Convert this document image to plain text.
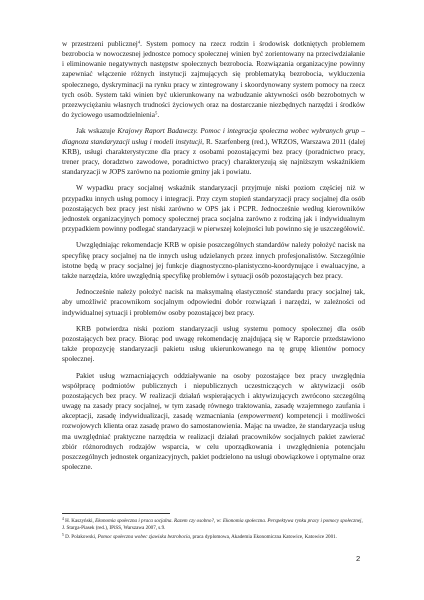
w przestrzeni publicznej$^4$. System pomocy na rzecz rodzin i środowisk dotkniętych problemem bezrobocia w nowoczesnej jednostce pomocy społecznej winien być zorientowany na przeciwdziałanie i eliminowanie negatywnych następstw społecznych bezrobocia. Rozwiązania organizacyjne powinny zapewniać włączenie różnych instytucji zajmujących się problematyką bezrobocia, wykluczenia społecznego, dyskryminacji na rynku pracy w zintegrowany i skoordynowany system pomocy na rzecz tych osób. System taki winien być ukierunkowany na wzbudzanie aktywności osób bezrobotnych w przezwyciężaniu własnych trudności życiowych oraz na dostarczanie niezbędnych narzędzi i środków do życiowego usamodzielnienia$^5$.

Jak wskazuje Krajowy Raport Badawczy. Pomoc i integracja społeczna wobec wybranych grup – diagnoza standaryzacji usług i modeli instytucji, R. Szarfenberg (red.), WRZOS, Warszawa 2011 (dalej KRB), usługi charakterystyczne dla pracy z osobami pozostającymi bez pracy (poradnictwo pracy, trener pracy, doradztwo zawodowe, poradnictwo pracy) charakteryzują się najniższym wskaźnikiem standaryzacji w JOPS zarówno na poziomie gminy jak i powiatu.

W wypadku pracy socjalnej wskaźnik standaryzacji przyjmuje niski poziom częściej niż w przypadku innych usług pomocy i integracji. Przy czym stopień standaryzacji pracy socjalnej dla osób pozostających bez pracy jest niski zarówno w OPS jak i PCPR. Jednocześnie według kierowników jednostek organizacyjnych pomocy społecznej praca socjalna zarówno z rodziną jak i indywidualnym przypadkiem powinny podlegać standaryzacji w pierwszej kolejności lub powinno się je uszczegółowić.

Uwzględniając rekomendacje KRB w opisie poszczególnych standardów należy położyć nacisk na specyfikę pracy socjalnej na tle innych usług udzielanych przez innych profesjonalistów. Szczególnie istotne będą w pracy socjalnej jej funkcje diagnostyczno-planistyczno-koordynujące i ewaluacyjne, a także narzędzia, które uwzględnią specyfikę problemów i sytuacji osób pozostających bez pracy.

Jednocześnie należy położyć nacisk na maksymalną elastyczność standardu pracy socjalnej tak, aby umożliwić pracownikom socjalnym odpowiedni dobór rozwiązań i narzędzi, w zależności od indywidualnej sytuacji i problemów osoby pozostającej bez pracy.

KRB potwierdza niski poziom standaryzacji usług systemu pomocy społecznej dla osób pozostających bez pracy. Biorąc pod uwagę rekomendację znajdującą się w Raporcie przedstawiono także propozycję standaryzacji pakietu usług ukierunkowanego na tę grupę klientów pomocy społecznej.

Pakiet usług wzmacniających oddziaływanie na osoby pozostające bez pracy uwzględnia współpracę podmiotów publicznych i niepublicznych uczestniczących w aktywizacji osób pozostających bez pracy. W realizacji działań wspierających i aktywizujących zwrócono szczególną uwagę na zasady pracy socjalnej, w tym zasadę równego traktowania, zasadę wzajemnego zaufania i akceptacji, zasadę indywidualizacji, zasadę wzmacniania (empowerment) kompetencji i możliwości rozwojowych klienta oraz zasadę prawo do samostanowienia. Mając na uwadze, że standaryzacja usług ma uwzględniać praktyczne narzędzia w realizacji działań pracowników socjalnych pakiet zawierać zbiór różnorodnych rodzajów wsparcia, w celu uporządkowania i uwzględnienia potencjału poszczególnych jednostek organizacyjnych, pakiet podzielono na usługi obowiązkowe i optymalne oraz społeczne.

$^4$ H. Kaszyński, Ekonomia społeczna i praca socjalna. Razem czy osobno?, w: Ekonomia społeczna. Perspektywa rynku pracy i pomocy społecznej, J. Starga-Piasek (red.), IPiSS, Warszawa 2007, s.9.

$^5$ D. Polakowski, Pomoc społeczna wobec zjawiska bezrobocia, praca dyplomowa, Akademia Ekonomiczna Katowice, Katowice 2001.

2
